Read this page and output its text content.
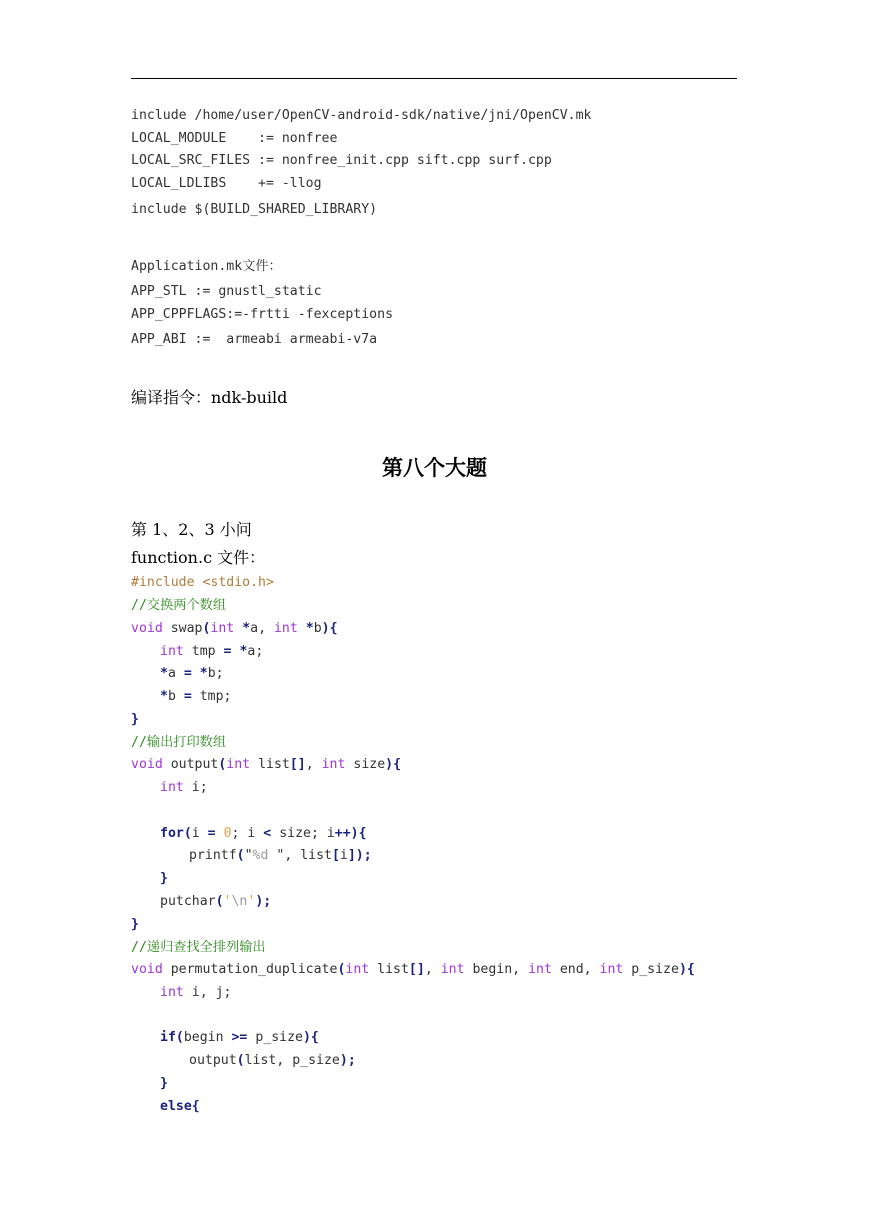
include /home/user/OpenCV-android-sdk/native/jni/OpenCV.mk
LOCAL_MODULE    := nonfree
LOCAL_SRC_FILES := nonfree_init.cpp sift.cpp surf.cpp
LOCAL_LDLIBS    += -llog
include $(BUILD_SHARED_LIBRARY)
Application.mk文件：
APP_STL := gnustl_static
APP_CPPFLAGS:=-frtti -fexceptions
APP_ABI :=  armeabi armeabi-v7a
编译指令：ndk-build
第八个大题
第 1、2、3 小问
function.c 文件：
#include <stdio.h>
//交换两个数组
void swap(int *a, int *b){
int tmp = *a;
*a = *b;
*b = tmp;
}
//输出打印数组
void output(int list[], int size){
int i;
for(i = 0; i < size; i++){
printf("%d ", list[i]);
}
putchar('\n');
}
//递归查找全排列输出
void permutation_duplicate(int list[], int begin, int end, int p_size){
int i, j;
if(begin >= p_size){
output(list, p_size);
}
else{
